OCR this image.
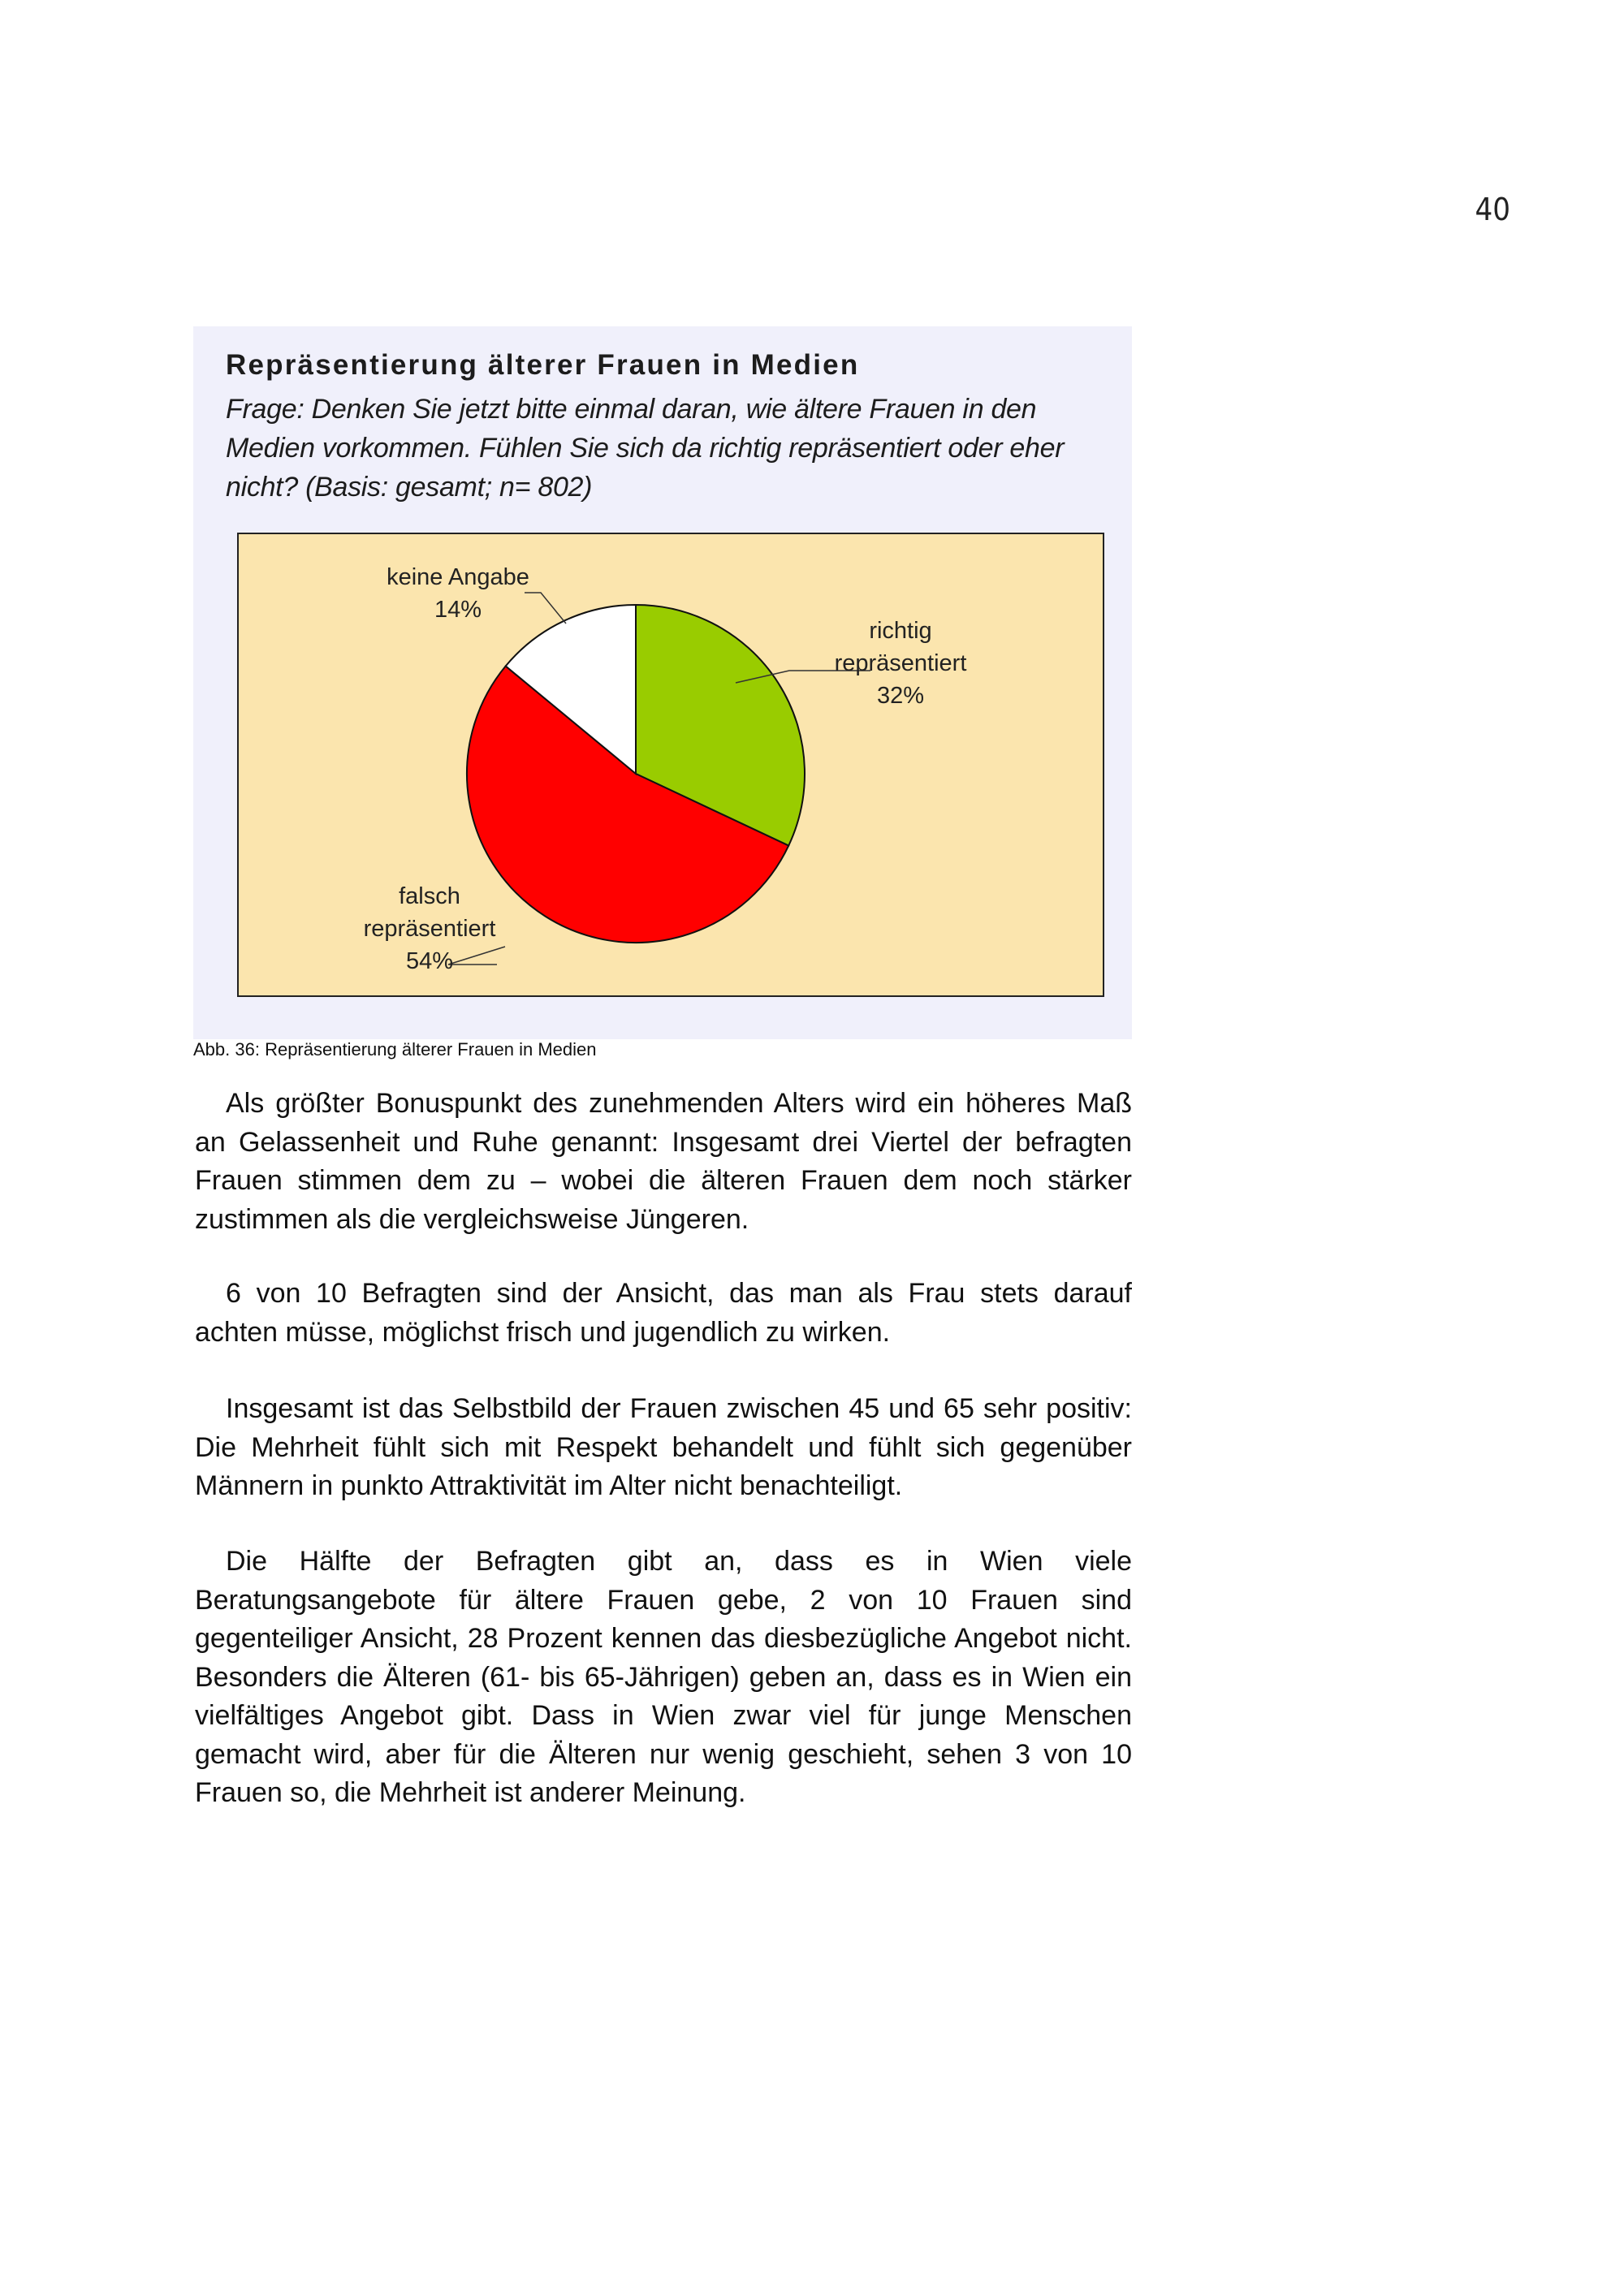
40
Repräsentierung älterer Frauen in Medien
Frage: Denken Sie jetzt bitte einmal daran, wie ältere Frauen in den Medien vorkommen. Fühlen Sie sich da richtig repräsentiert oder eher nicht? (Basis: gesamt; n= 802)
richtig
repräsentiert
32%
falsch
repräsentiert
54%
keine Angabe
14%
Abb. 36: Repräsentierung älterer Frauen in Medien

Als größter Bonuspunkt des zunehmenden Alters wird ein höheres Maß an Gelassenheit und Ruhe genannt: Insgesamt drei Viertel der befragten Frauen stimmen dem zu – wobei die älteren Frauen dem noch stärker zustimmen als die vergleichsweise Jüngeren.

6 von 10 Befragten sind der Ansicht, das man als Frau stets darauf achten müsse, möglichst frisch und jugendlich zu wirken.

Insgesamt ist das Selbstbild der Frauen zwischen 45 und 65 sehr positiv: Die Mehrheit fühlt sich mit Respekt behandelt und fühlt sich gegenüber Männern in punkto Attraktivität im Alter nicht benachteiligt.

Die Hälfte der Befragten gibt an, dass es in Wien viele Beratungsangebote für ältere Frauen gebe, 2 von 10 Frauen sind gegenteiliger Ansicht, 28 Prozent kennen das diesbezügliche Angebot nicht. Besonders die Älteren (61- bis 65-Jährigen) geben an, dass es in Wien ein vielfältiges Angebot gibt. Dass in Wien zwar viel für junge Menschen gemacht wird, aber für die Älteren nur wenig geschieht, sehen 3 von 10 Frauen so, die Mehrheit ist anderer Meinung.
